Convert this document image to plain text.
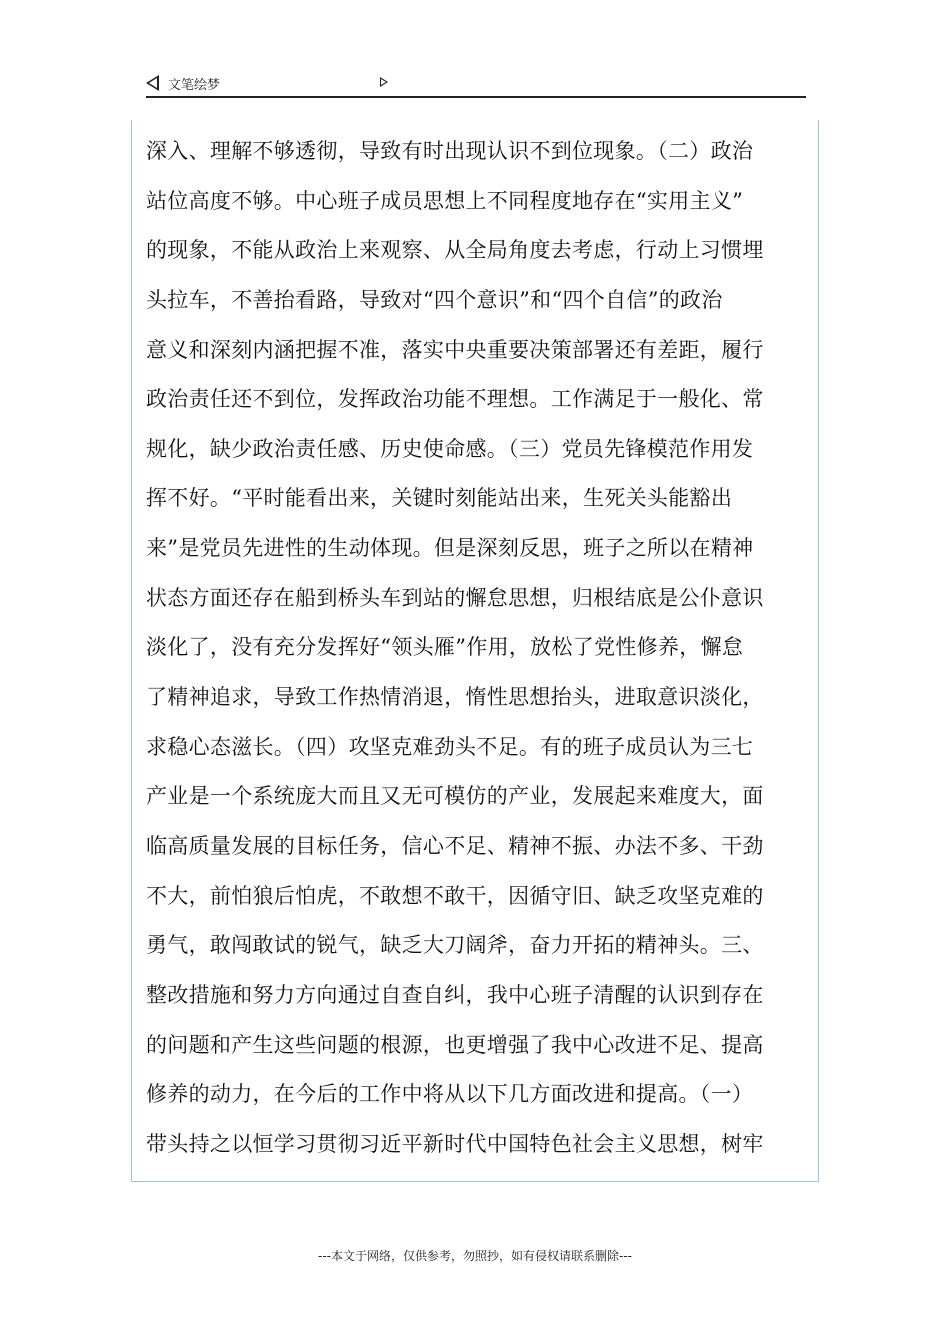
文笔绘梦
深入、理解不够透彻，导致有时出现认识不到位现象。（二）政治
站位高度不够。中心班子成员思想上不同程度地存在“实用主义”
的现象，不能从政治上来观察、从全局角度去考虑，行动上习惯埋
头拉车，不善抬看路，导致对“四个意识”和“四个自信”的政治
意义和深刻内涵把握不准，落实中央重要决策部署还有差距，履行
政治责任还不到位，发挥政治功能不理想。工作满足于一般化、常
规化，缺少政治责任感、历史使命感。（三）党员先锋模范作用发
挥不好。“平时能看出来，关键时刻能站出来，生死关头能豁出
来”是党员先进性的生动体现。但是深刻反思，班子之所以在精神
状态方面还存在船到桥头车到站的懈怠思想，归根结底是公仆意识
淡化了，没有充分发挥好“领头雁”作用，放松了党性修养，懈怠
了精神追求，导致工作热情消退，惰性思想抬头，进取意识淡化，
求稳心态滋长。（四）攻坚克难劲头不足。有的班子成员认为三七
产业是一个系统庞大而且又无可模仿的产业，发展起来难度大，面
临高质量发展的目标任务，信心不足、精神不振、办法不多、干劲
不大，前怕狼后怕虎，不敢想不敢干，因循守旧、缺乏攻坚克难的
勇气，敢闯敢试的锐气，缺乏大刀阔斧，奋力开拓的精神头。三、
整改措施和努力方向通过自查自纠，我中心班子清醒的认识到存在
的问题和产生这些问题的根源，也更增强了我中心改进不足、提高
修养的动力，在今后的工作中将从以下几方面改进和提高。（一）
带头持之以恒学习贯彻习近平新时代中国特色社会主义思想，树牢
---本文于网络，仅供参考，勿照抄，如有侵权请联系删除---
